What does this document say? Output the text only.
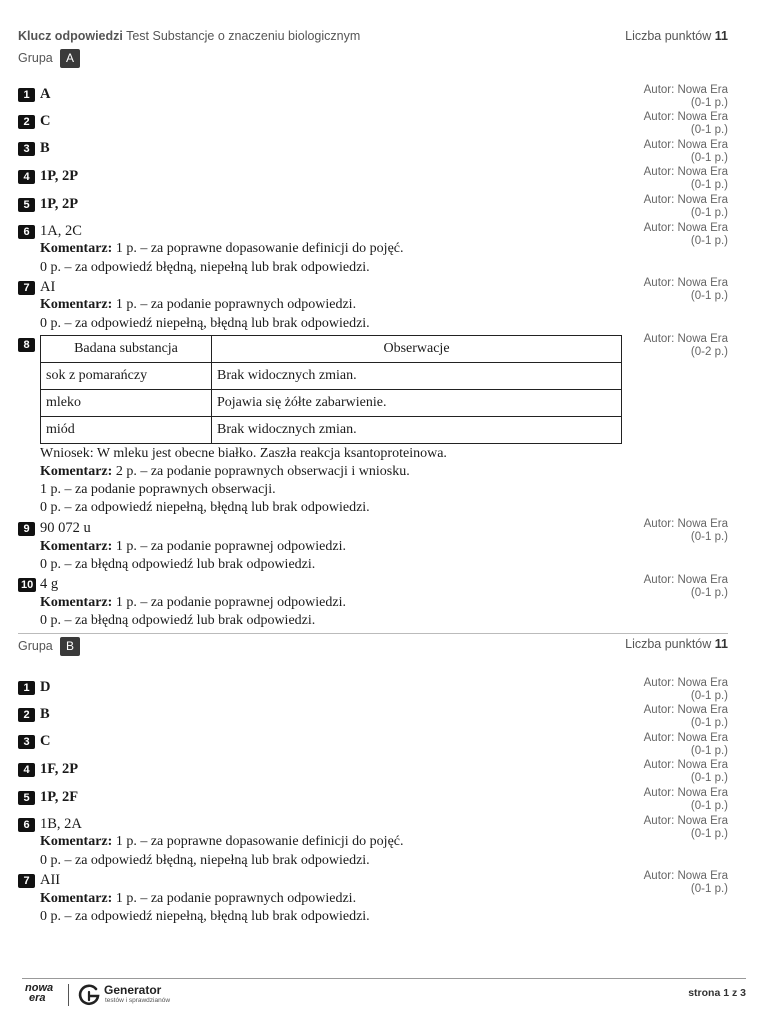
Klucz odpowiedzi Test Substancje o znaczeniu biologicznym	Liczba punktów 11
Grupa	A
1 A	Autor: Nowa Era
(0-1 p.)
2 C	Autor: Nowa Era
(0-1 p.)
3 B	Autor: Nowa Era
(0-1 p.)
4 1P, 2P	Autor: Nowa Era
(0-1 p.)
5 1P, 2P	Autor: Nowa Era
(0-1 p.)
6 1A, 2C
Komentarz: 1 p. – za poprawne dopasowanie definicji do pojęć.
0 p. – za odpowiedź błędną, niepełną lub brak odpowiedzi.
Autor: Nowa Era
(0-1 p.)
7 AI
Komentarz: 1 p. – za podanie poprawnych odpowiedzi.
0 p. – za odpowiedź niepełną, błędną lub brak odpowiedzi.
Autor: Nowa Era
(0-1 p.)
8	Badana substancja	Obserwacje
sok z pomarańczy	Brak widocznych zmian.
mleko	Pojawia się żółte zabarwienie.
miód	Brak widocznych zmian.
Wniosek: W mleku jest obecne białko. Zaszła reakcja ksantoproteinowa.
Komentarz: 2 p. – za podanie poprawnych obserwacji i wniosku.
1 p. – za podanie poprawnych obserwacji.
0 p. – za odpowiedź niepełną, błędną lub brak odpowiedzi.
Autor: Nowa Era
(0-2 p.)
9 90 072 u
Komentarz: 1 p. – za podanie poprawnej odpowiedzi.
0 p. – za błędną odpowiedź lub brak odpowiedzi.
Autor: Nowa Era
(0-1 p.)
10 4 g
Komentarz: 1 p. – za podanie poprawnej odpowiedzi.
0 p. – za błędną odpowiedź lub brak odpowiedzi.
Autor: Nowa Era
(0-1 p.)
Grupa	B	Liczba punktów 11
1 D	Autor: Nowa Era
(0-1 p.)
2 B	Autor: Nowa Era
(0-1 p.)
3 C	Autor: Nowa Era
(0-1 p.)
4 1F, 2P	Autor: Nowa Era
(0-1 p.)
5 1P, 2F	Autor: Nowa Era
(0-1 p.)
6 1B, 2A
Komentarz: 1 p. – za poprawne dopasowanie definicji do pojęć.
0 p. – za odpowiedź błędną, niepełną lub brak odpowiedzi.
Autor: Nowa Era
(0-1 p.)
7 AII
Komentarz: 1 p. – za podanie poprawnych odpowiedzi.
0 p. – za odpowiedź niepełną, błędną lub brak odpowiedzi.
Autor: Nowa Era
(0-1 p.)
nowa
era
Generator
testów i sprawdzianów
strona 1 z 3
